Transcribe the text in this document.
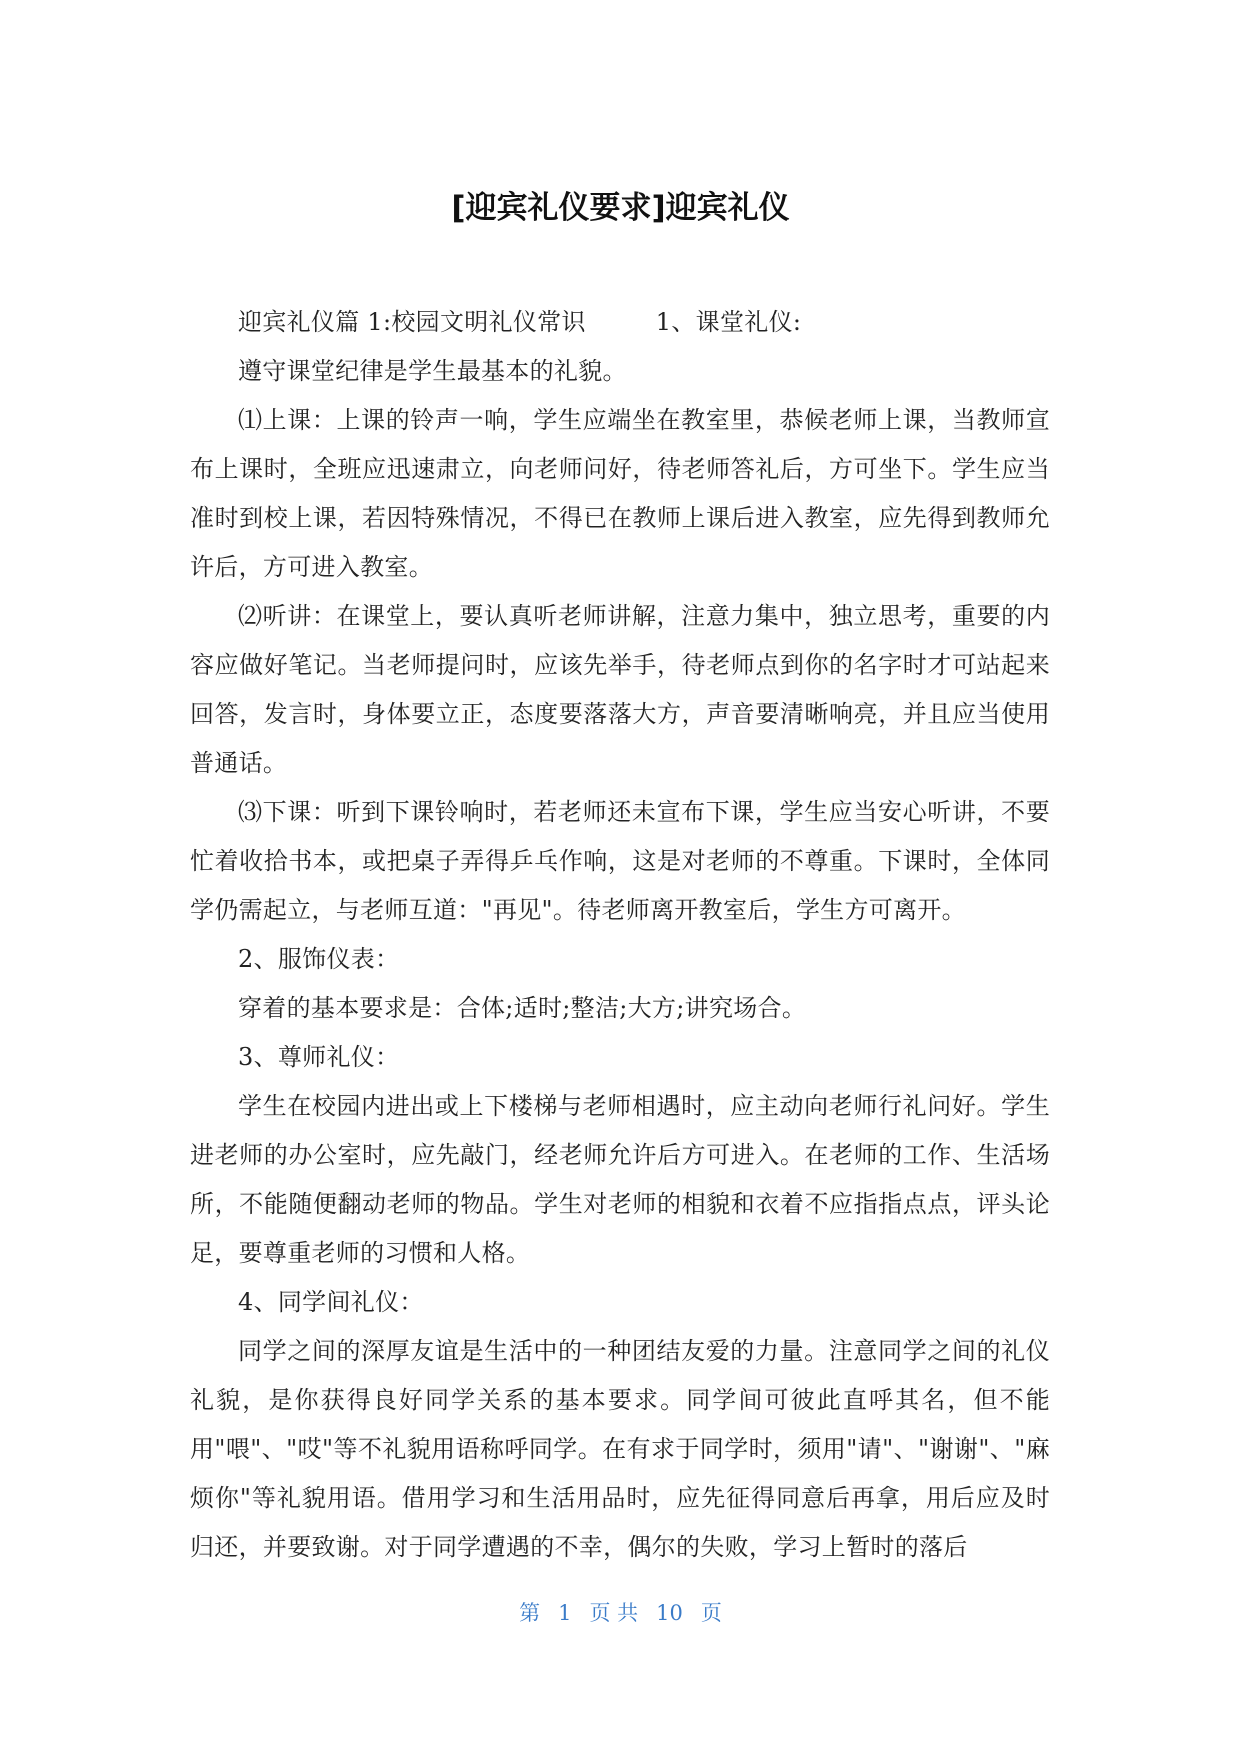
[迎宾礼仪要求]迎宾礼仪

迎宾礼仪篇 1:校园文明礼仪常识	1、课堂礼仪:

遵守课堂纪律是学生最基本的礼貌。

⑴上课：上课的铃声一响，学生应端坐在教室里，恭候老师上课，当教师宣布上课时，全班应迅速肃立，向老师问好，待老师答礼后，方可坐下。学生应当准时到校上课，若因特殊情况，不得已在教师上课后进入教室，应先得到教师允许后，方可进入教室。

⑵听讲：在课堂上，要认真听老师讲解，注意力集中，独立思考，重要的内容应做好笔记。当老师提问时，应该先举手，待老师点到你的名字时才可站起来回答，发言时，身体要立正，态度要落落大方，声音要清晰响亮，并且应当使用普通话。

⑶下课：听到下课铃响时，若老师还未宣布下课，学生应当安心听讲，不要忙着收拾书本，或把桌子弄得乒乓作响，这是对老师的不尊重。下课时，全体同学仍需起立，与老师互道："再见"。待老师离开教室后，学生方可离开。

2、服饰仪表：

穿着的基本要求是：合体;适时;整洁;大方;讲究场合。

3、尊师礼仪：

学生在校园内进出或上下楼梯与老师相遇时，应主动向老师行礼问好。学生进老师的办公室时，应先敲门，经老师允许后方可进入。在老师的工作、生活场所，不能随便翻动老师的物品。学生对老师的相貌和衣着不应指指点点，评头论足，要尊重老师的习惯和人格。

4、同学间礼仪：

同学之间的深厚友谊是生活中的一种团结友爱的力量。注意同学之间的礼仪礼貌，是你获得良好同学关系的基本要求。同学间可彼此直呼其名，但不能用"喂"、"哎"等不礼貌用语称呼同学。在有求于同学时，须用"请"、"谢谢"、"麻烦你"等礼貌用语。借用学习和生活用品时，应先征得同意后再拿，用后应及时归还，并要致谢。对于同学遭遇的不幸，偶尔的失败，学习上暂时的落后

第 1 页 共 10 页
